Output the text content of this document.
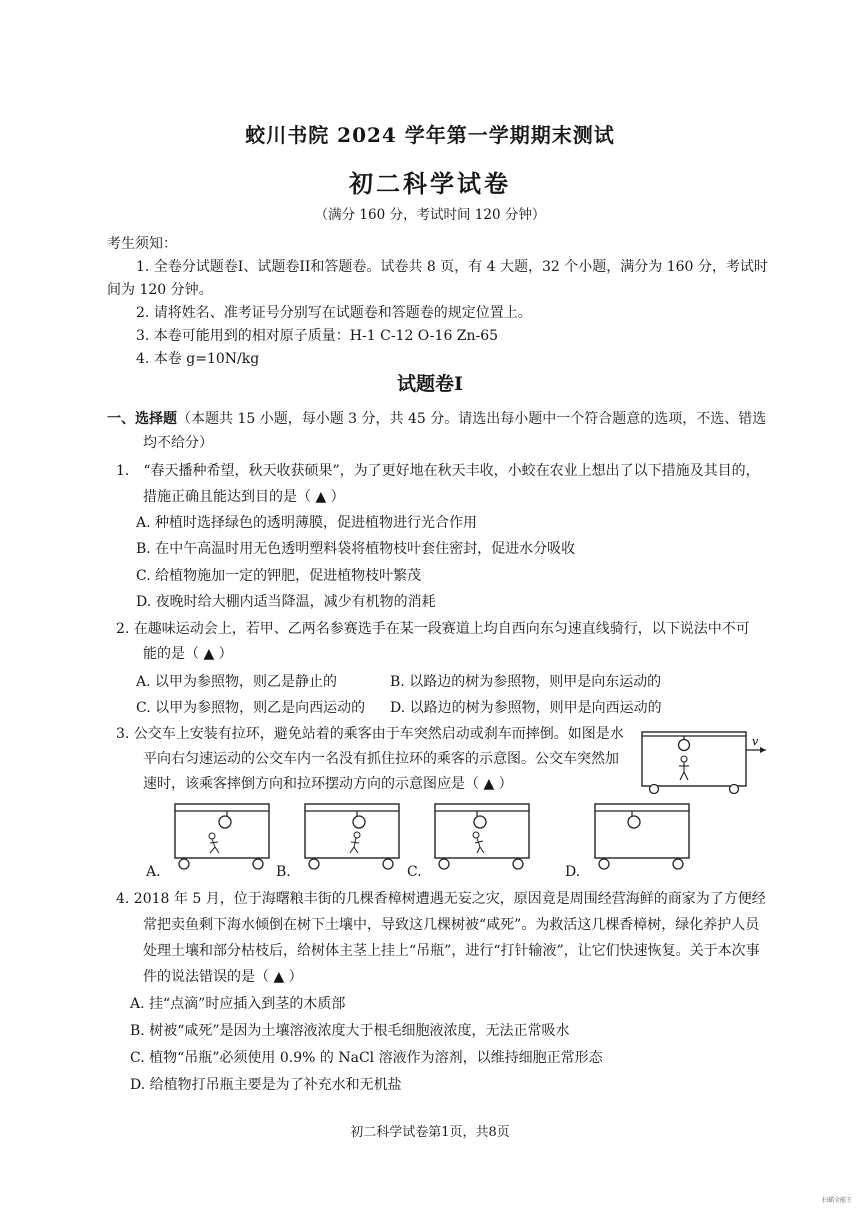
蛟川书院 2024 学年第一学期期末测试
初二科学试卷
（满分 160 分，考试时间 120 分钟）
考生须知：
1. 全卷分试题卷I、试题卷II和答题卷。试卷共 8 页，有 4 大题，32 个小题，满分为 160 分，考试时
间为 120 分钟。
2. 请将姓名、准考证号分别写在试题卷和答题卷的规定位置上。
3. 本卷可能用到的相对原子质量：H-1 C-12 O-16 Zn-65
4. 本卷 g=10N/kg
试题卷I
一、选择题（本题共 15 小题，每小题 3 分，共 45 分。请选出每小题中一个符合题意的选项，不选、错选
均不给分）
1.　“春天播种希望，秋天收获硕果”，为了更好地在秋天丰收，小蛟在农业上想出了以下措施及其目的，
措施正确且能达到目的是（ ▲ ）
A. 种植时选择绿色的透明薄膜，促进植物进行光合作用
B. 在中午高温时用无色透明塑料袋将植物枝叶套住密封，促进水分吸收
C. 给植物施加一定的钾肥，促进植物枝叶繁茂
D. 夜晚时给大棚内适当降温，减少有机物的消耗
2. 在趣味运动会上，若甲、乙两名参赛选手在某一段赛道上均自西向东匀速直线骑行，以下说法中不可
能的是（ ▲ ）
A. 以甲为参照物，则乙是静止的	B. 以路边的树为参照物，则甲是向东运动的
C. 以甲为参照物，则乙是向西运动的 D. 以路边的树为参照物，则甲是向西运动的
3. 公交车上安装有拉环，避免站着的乘客由于车突然启动或刹车而摔倒。如图是水
平向右匀速运动的公交车内一名没有抓住拉环的乘客的示意图。公交车突然加
速时，该乘客摔倒方向和拉环摆动方向的示意图应是（ ▲ ）
v
A.	B.	C.	D.
4. 2018 年 5 月，位于海曙粮丰街的几棵香樟树遭遇无妄之灾，原因竟是周围经营海鲜的商家为了方便经
常把卖鱼剩下海水倾倒在树下土壤中，导致这几棵树被“咸死”。为救活这几棵香樟树，绿化养护人员
处理土壤和部分枯枝后，给树体主茎上挂上“吊瓶”，进行“打针输液”，让它们快速恢复。关于本次事
件的说法错误的是（ ▲ ）
A. 挂“点滴”时应插入到茎的木质部
B. 树被“咸死”是因为土壤溶液浓度大于根毛细胞液浓度，无法正常吸水
C. 植物“吊瓶”必须使用 0.9% 的 NaCl 溶液作为溶剂，以维持细胞正常形态
D. 给植物打吊瓶主要是为了补充水和无机盐
初二科学试卷第1页，共8页
扫描全能王
